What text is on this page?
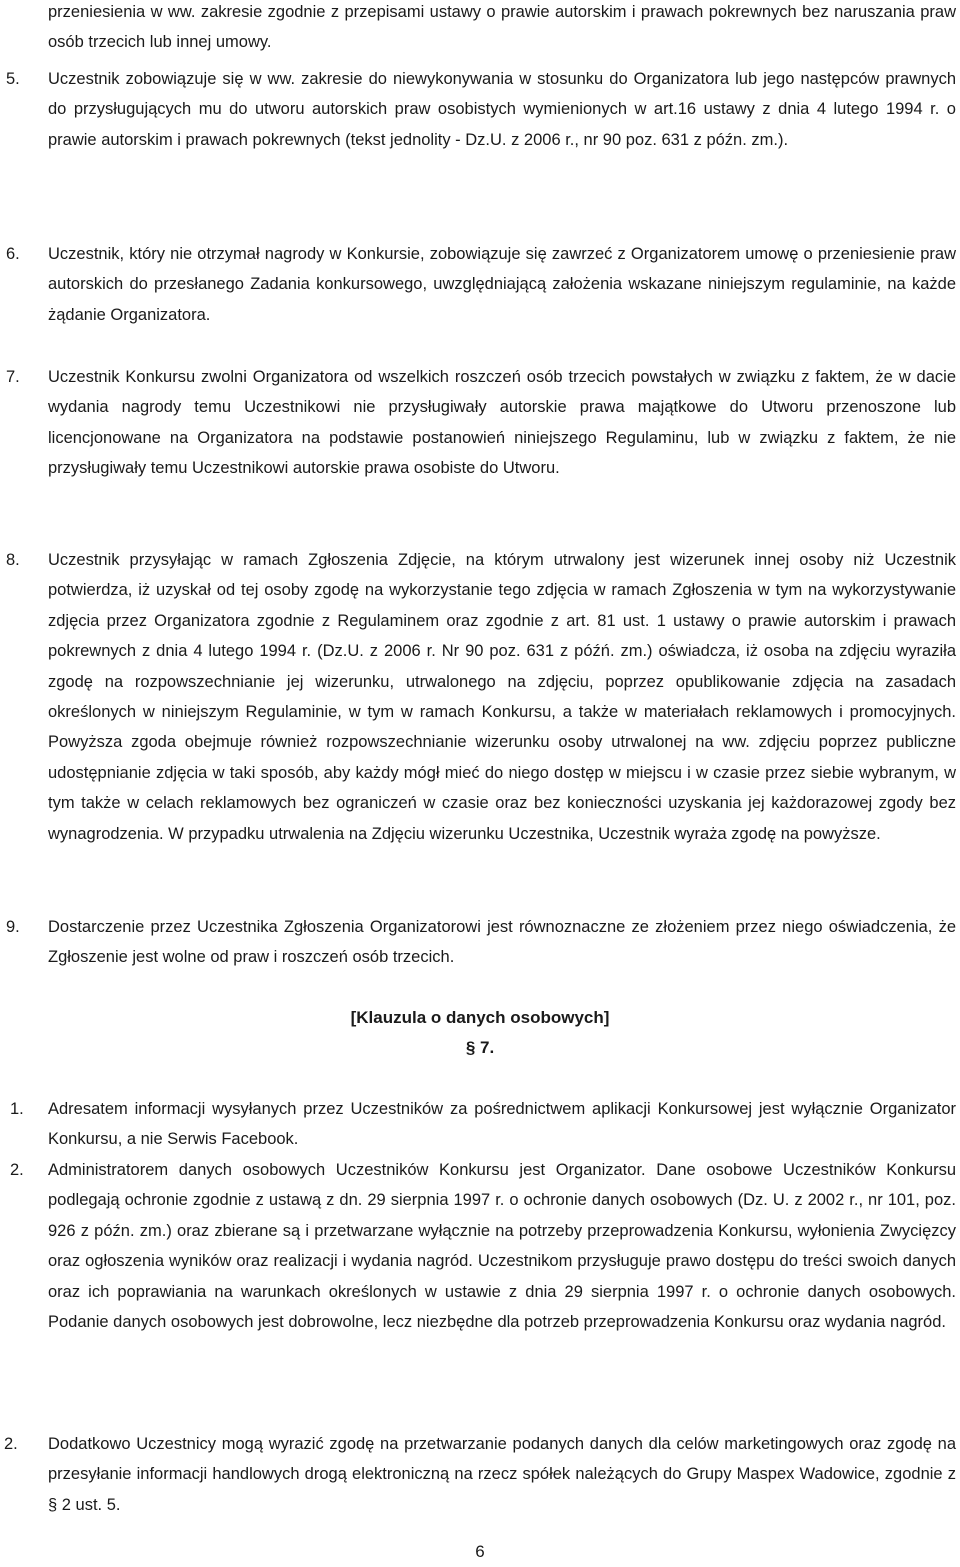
przeniesienia w ww. zakresie zgodnie z przepisami ustawy o prawie autorskim i prawach pokrewnych bez naruszania praw osób trzecich lub innej umowy.

5. Uczestnik zobowiązuje się w ww. zakresie do niewykonywania w stosunku do Organizatora lub jego następców prawnych do przysługujących mu do utworu autorskich praw osobistych wymienionych w art.16 ustawy z dnia 4 lutego 1994 r. o prawie autorskim i prawach pokrewnych (tekst jednolity - Dz.U. z 2006 r., nr 90 poz. 631 z późn. zm.).

6. Uczestnik, który nie otrzymał nagrody w Konkursie, zobowiązuje się zawrzeć z Organizatorem umowę o przeniesienie praw autorskich do przesłanego Zadania konkursowego, uwzględniającą założenia wskazane niniejszym regulaminie, na każde żądanie Organizatora.

7. Uczestnik Konkursu zwolni Organizatora od wszelkich roszczeń osób trzecich powstałych w związku z faktem, że w dacie wydania nagrody temu Uczestnikowi nie przysługiwały autorskie prawa majątkowe do Utworu przenoszone lub licencjonowane na Organizatora na podstawie postanowień niniejszego Regulaminu, lub w związku z faktem, że nie przysługiwały temu Uczestnikowi autorskie prawa osobiste do Utworu.

8. Uczestnik przysyłając w ramach Zgłoszenia Zdjęcie, na którym utrwalony jest wizerunek innej osoby niż Uczestnik potwierdza, iż uzyskał od tej osoby zgodę na wykorzystanie tego zdjęcia w ramach Zgłoszenia w tym na wykorzystywanie zdjęcia przez Organizatora zgodnie z Regulaminem oraz zgodnie z art. 81 ust. 1 ustawy o prawie autorskim i prawach pokrewnych z dnia 4 lutego 1994 r. (Dz.U. z 2006 r. Nr 90 poz. 631 z późń. zm.) oświadcza, iż osoba na zdjęciu wyraziła zgodę na rozpowszechnianie jej wizerunku, utrwalonego na zdjęciu, poprzez opublikowanie zdjęcia na zasadach określonych w niniejszym Regulaminie, w tym w ramach Konkursu, a także w materiałach reklamowych i promocyjnych. Powyższa zgoda obejmuje również rozpowszechnianie wizerunku osoby utrwalonej na ww. zdjęciu poprzez publiczne udostępnianie zdjęcia w taki sposób, aby każdy mógł mieć do niego dostęp w miejscu i w czasie przez siebie wybranym, w tym także w celach reklamowych bez ograniczeń w czasie oraz bez konieczności uzyskania jej każdorazowej zgody bez wynagrodzenia. W przypadku utrwalenia na Zdjęciu wizerunku Uczestnika, Uczestnik wyraża zgodę na powyższe.

9. Dostarczenie przez Uczestnika Zgłoszenia Organizatorowi jest równoznaczne ze złożeniem przez niego oświadczenia, że Zgłoszenie jest wolne od praw i roszczeń osób trzecich.

[Klauzula o danych osobowych]
§ 7.
1. Adresatem informacji wysyłanych przez Uczestników za pośrednictwem aplikacji Konkursowej jest wyłącznie Organizator Konkursu, a nie Serwis Facebook.

2. Administratorem danych osobowych Uczestników Konkursu jest Organizator. Dane osobowe Uczestników Konkursu podlegają ochronie zgodnie z ustawą z dn. 29 sierpnia 1997 r. o ochronie danych osobowych (Dz. U. z 2002 r., nr 101, poz. 926 z późn. zm.) oraz zbierane są i przetwarzane wyłącznie na potrzeby przeprowadzenia Konkursu, wyłonienia Zwycięzcy oraz ogłoszenia wyników oraz realizacji i wydania nagród. Uczestnikom przysługuje prawo dostępu do treści swoich danych oraz ich poprawiania na warunkach określonych w ustawie z dnia 29 sierpnia 1997 r. o ochronie danych osobowych. Podanie danych osobowych jest dobrowolne, lecz niezbędne dla potrzeb przeprowadzenia Konkursu oraz wydania nagród.

2. Dodatkowo Uczestnicy mogą wyrazić zgodę na przetwarzanie podanych danych dla celów marketingowych oraz zgodę na przesyłanie informacji handlowych drogą elektroniczną na rzecz spółek należących do Grupy Maspex Wadowice, zgodnie z § 2 ust. 5.

6
